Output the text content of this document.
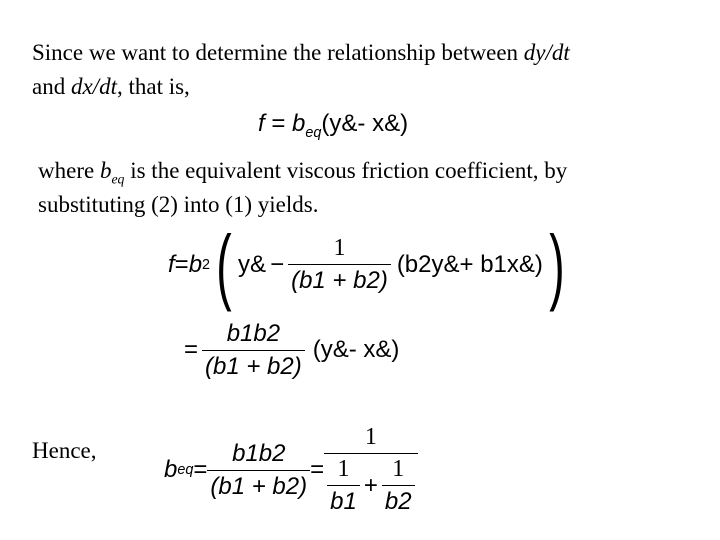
Since we want to determine the relationship between dy/dt
and dx/dt, that is,
$f = b_{eq}(y\&-$ x&)
where $b_{eq}$ is the equivalent viscous friction coefficient, by
substituting (2) into (1) yields.
f = b 2 ( y& − $\frac{1}{(b1 + b2)}$ (b2y&+ b1x&) )
= $\frac{b1b2}{(b1 + b2)}$ (y&- x&)
Hence,
b eq = $\frac{b1b2}{(b1 + b2)}$ =
1
$\frac{1}{b1} + \frac{1}{b2}$
